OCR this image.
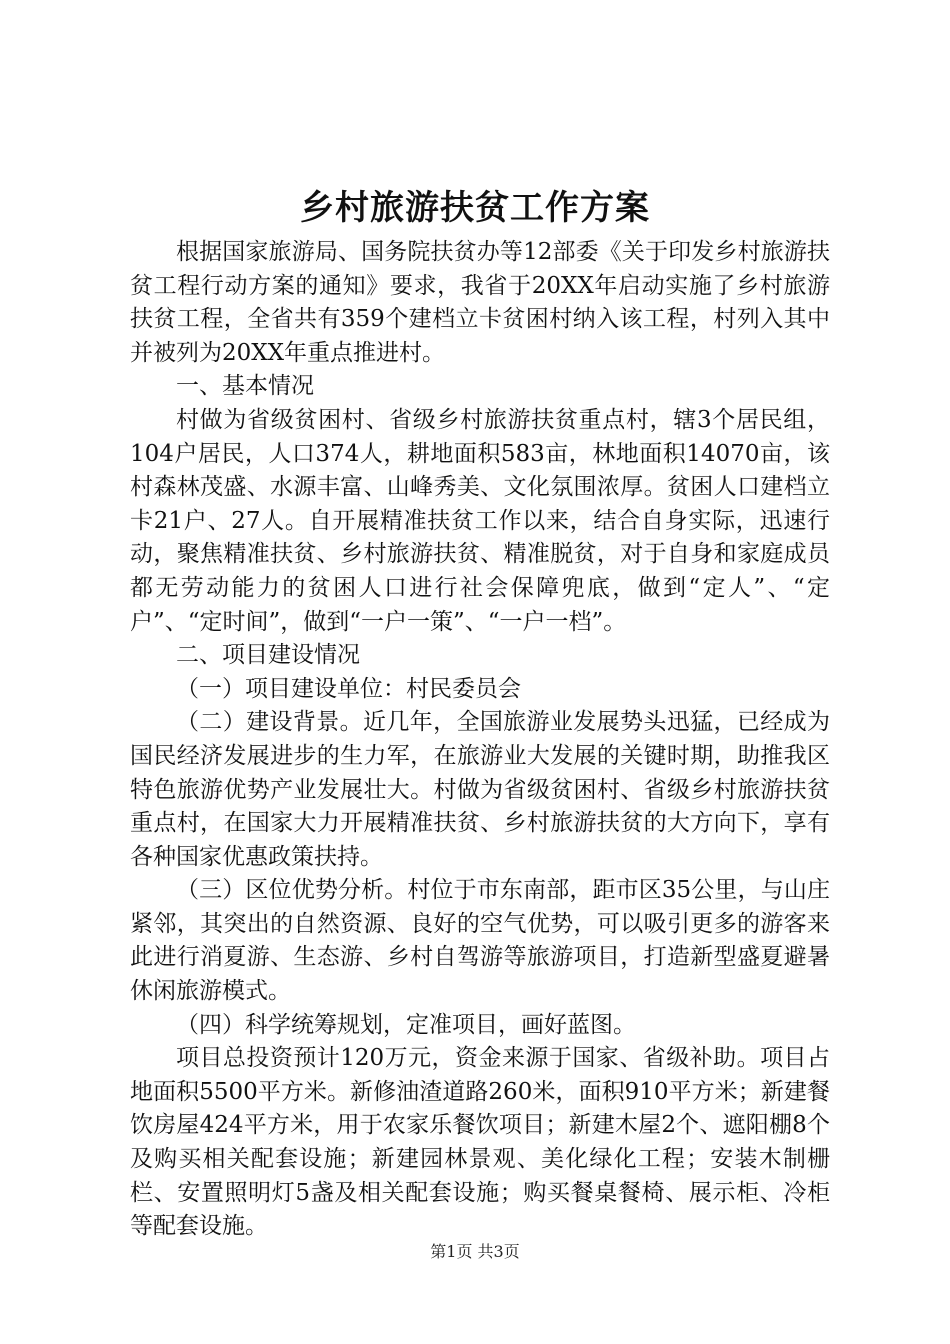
乡村旅游扶贫工作方案

根据国家旅游局、国务院扶贫办等12部委《关于印发乡村旅游扶贫工程行动方案的通知》要求，我省于20XX年启动实施了乡村旅游扶贫工程，全省共有359个建档立卡贫困村纳入该工程，村列入其中并被列为20XX年重点推进村。

一、基本情况

村做为省级贫困村、省级乡村旅游扶贫重点村，辖3个居民组，104户居民，人口374人，耕地面积583亩，林地面积14070亩，该村森林茂盛、水源丰富、山峰秀美、文化氛围浓厚。贫困人口建档立卡21户、27人。自开展精准扶贫工作以来，结合自身实际，迅速行动，聚焦精准扶贫、乡村旅游扶贫、精准脱贫，对于自身和家庭成员都无劳动能力的贫困人口进行社会保障兜底，做到“定人”、“定户”、“定时间”，做到“一户一策”、“一户一档”。

二、项目建设情况

（一）项目建设单位：村民委员会

（二）建设背景。近几年，全国旅游业发展势头迅猛，已经成为国民经济发展进步的生力军，在旅游业大发展的关键时期，助推我区特色旅游优势产业发展壮大。村做为省级贫困村、省级乡村旅游扶贫重点村，在国家大力开展精准扶贫、乡村旅游扶贫的大方向下，享有各种国家优惠政策扶持。

（三）区位优势分析。村位于市东南部，距市区35公里，与山庄紧邻，其突出的自然资源、良好的空气优势，可以吸引更多的游客来此进行消夏游、生态游、乡村自驾游等旅游项目，打造新型盛夏避暑休闲旅游模式。

（四）科学统筹规划，定准项目，画好蓝图。

项目总投资预计120万元，资金来源于国家、省级补助。项目占地面积5500平方米。新修油渣道路260米，面积910平方米；新建餐饮房屋424平方米，用于农家乐餐饮项目；新建木屋2个、遮阳棚8个及购买相关配套设施；新建园林景观、美化绿化工程；安装木制栅栏、安置照明灯5盏及相关配套设施；购买餐桌餐椅、展示柜、冷柜等配套设施。

第1页 共3页
